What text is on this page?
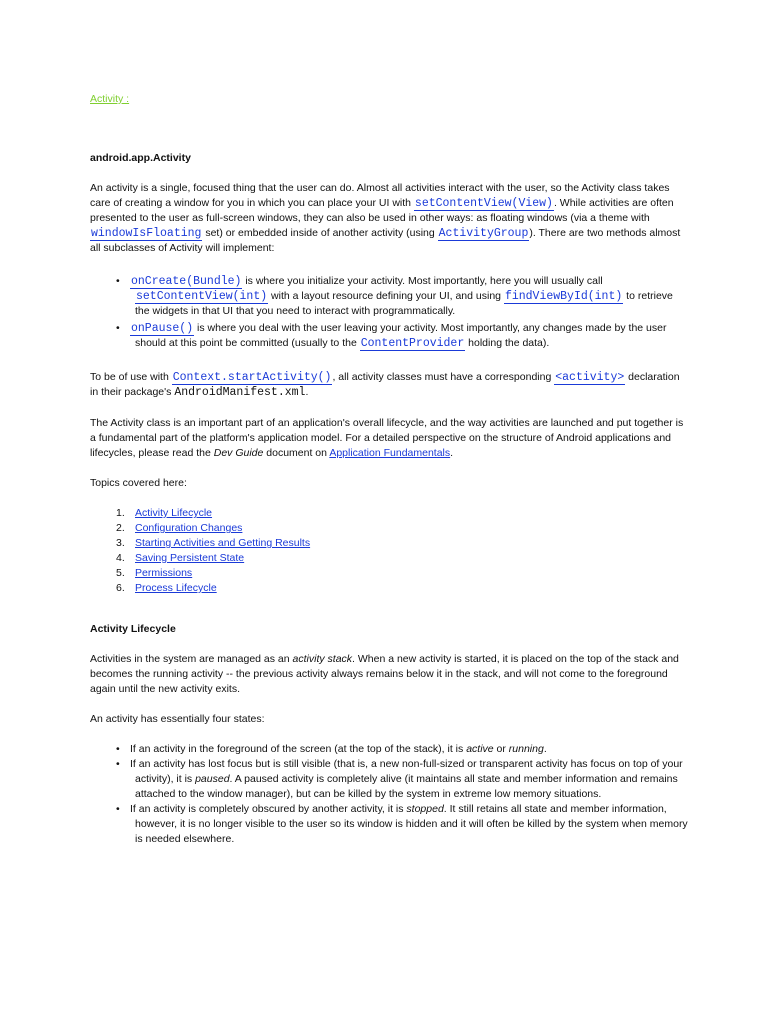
Activity :
android.app.Activity

An activity is a single, focused thing that the user can do. Almost all activities interact with the user, so the Activity class takes care of creating a window for you in which you can place your UI with setContentView(View). While activities are often presented to the user as full-screen windows, they can also be used in other ways: as floating windows (via a theme with windowIsFloating set) or embedded inside of another activity (using ActivityGroup). There are two methods almost all subclasses of Activity will implement:

• onCreate(Bundle) is where you initialize your activity. Most importantly, here you will usually call setContentView(int) with a layout resource defining your UI, and using findViewById(int) to retrieve the widgets in that UI that you need to interact with programmatically.
• onPause() is where you deal with the user leaving your activity. Most importantly, any changes made by the user should at this point be committed (usually to the ContentProvider holding the data).

To be of use with Context.startActivity(), all activity classes must have a corresponding <activity> declaration in their package's AndroidManifest.xml.

The Activity class is an important part of an application's overall lifecycle, and the way activities are launched and put together is a fundamental part of the platform's application model. For a detailed perspective on the structure of Android applications and lifecycles, please read the Dev Guide document on Application Fundamentals.

Topics covered here:
1. Activity Lifecycle
2. Configuration Changes
3. Starting Activities and Getting Results
4. Saving Persistent State
5. Permissions
6. Process Lifecycle
Activity Lifecycle

Activities in the system are managed as an activity stack. When a new activity is started, it is placed on the top of the stack and becomes the running activity -- the previous activity always remains below it in the stack, and will not come to the foreground again until the new activity exits.

An activity has essentially four states:
• If an activity in the foreground of the screen (at the top of the stack), it is active or running.
• If an activity has lost focus but is still visible (that is, a new non-full-sized or transparent activity has focus on top of your activity), it is paused. A paused activity is completely alive (it maintains all state and member information and remains attached to the window manager), but can be killed by the system in extreme low memory situations.
• If an activity is completely obscured by another activity, it is stopped. It still retains all state and member information, however, it is no longer visible to the user so its window is hidden and it will often be killed by the system when memory is needed elsewhere.
